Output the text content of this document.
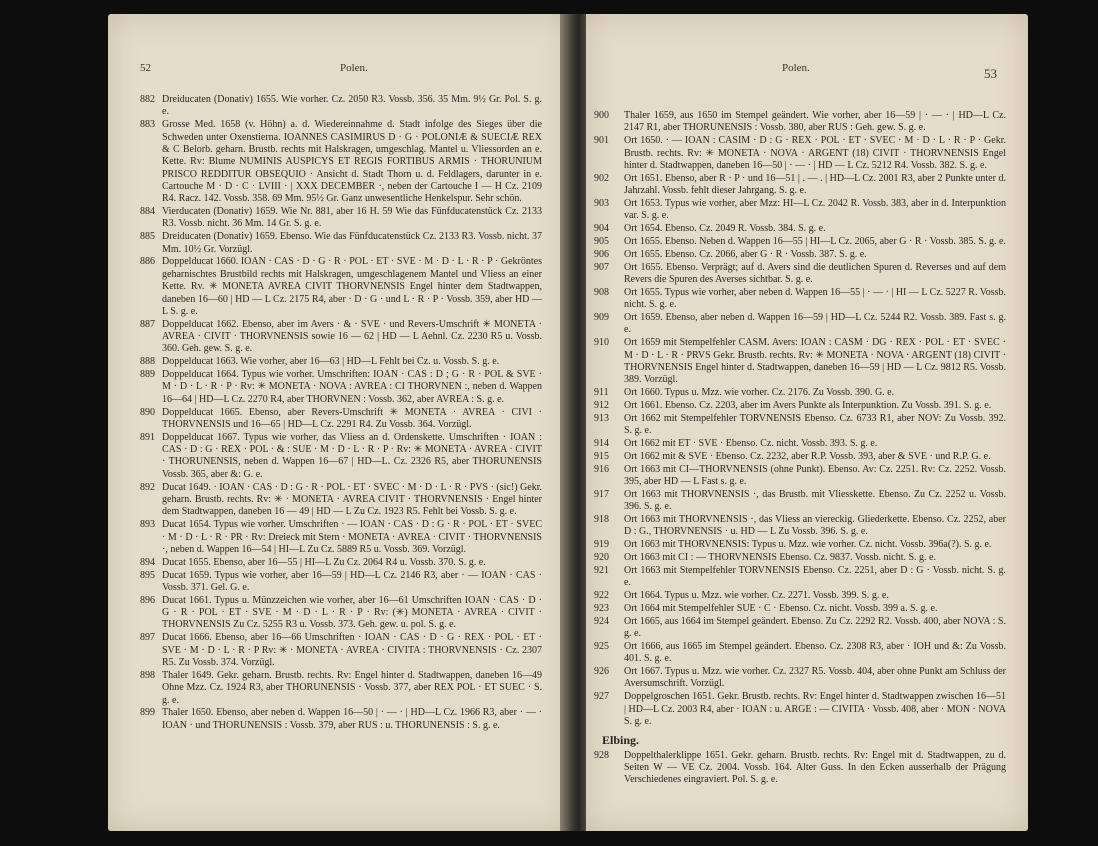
52	Polen.
882 Dreiducaten (Donativ) 1655. Wie vorher. Cz. 2050 R3. Vossb. 356. 35 Mm. 9½ Gr. Pol. S. g. e.
883 Grosse Med. 1658 (v. Höhn) a. d. Wiedereinnahme d. Stadt infolge des Sieges über die Schweden unter Oxenstierna. IOANNES CASIMIRUS D · G · POLONIÆ & SUECIÆ REX & C Belorb. geharn. Brustb. rechts mit Halskragen, umgeschlag. Mantel u. Vliessorden an e. Kette. Rv: Blume NUMINIS AUSPICYS ET REGIS FORTIBUS ARMIS · THORUNIUM PRISCO REDDITUR OBSEQUIO · Ansicht d. Stadt Thorn u. d. Feldlagers, darunter in e. Cartouche M · D · C · LVIII · | XXX DECEMBER ·, neben der Cartouche I — H Cz. 2109 R4. Racz. 142. Vossb. 358. 69 Mm. 95½ Gr. Ganz unwesentliche Henkelspur. Sehr schön.
884 Vierducaten (Donativ) 1659. Wie Nr. 881, aber 16 H. 59 Wie das Fünfducatenstück Cz. 2133 R3. Vossb. nicht. 36 Mm. 14 Gr. S. g. e.
885 Dreiducaten (Donativ) 1659. Ebenso. Wie das Fünfducatenstück Cz. 2133 R3. Vossb. nicht. 37 Mm. 10½ Gr. Vorzügl.
886 Doppelducat 1660. IOAN · CAS · D · G · R · POL · ET · SVE · M · D · L · R · P · Gekröntes geharnischtes Brustbild rechts mit Halskragen, umgeschlagenem Mantel und Vliess an einer Kette. Rv. ✳ MONETA AVREA CIVIT THORVNENSIS Engel hinter dem Stadtwappen, daneben 16—60 | HD — L Cz. 2175 R4, aber · D · G · und L · R · P · Vossb. 359, aber HD — L S. g. e.
887 Doppelducat 1662. Ebenso, aber im Avers · & · SVE · und Revers-Umschrift ✳ MONETA · AVREA · CIVIT · THORVNENSIS sowie 16 — 62 | HD — L Aehnl. Cz. 2230 R5 u. Vossb. 360. Geh. gew. S. g. e.
888 Doppelducat 1663. Wie vorher, aber 16—63 | HD—L Fehlt bei Cz. u. Vossb. S. g. e.
889 Doppelducat 1664. Typus wie vorher. Umschriften: IOAN · CAS : D ; G · R · POL & SVE · M · D · L · R · P · Rv: ✳ MONETA · NOVA : AVREA : CI THORVNEN :, neben d. Wappen 16—64 | HD—L Cz. 2270 R4, aber THORVNEN : Vossb. 362, aber AVREA : S. g. e.
890 Doppelducat 1665. Ebenso, aber Revers-Umschrift ✳ MONETA · AVREA · CIVI · THORVNENSIS und 16—65 | HD—L Cz. 2291 R4. Zu Vossb. 364. Vorzügl.
891 Doppelducat 1667. Typus wie vorher, das Vliess an d. Ordenskette. Umschriften · IOAN : CAS · D : G · REX · POL · & : SUE · M · D · L · R · P · Rv: ✳ MONETA · AVREA · CIVIT · THORUNENSIS, neben d. Wappen 16—67 | HD—L. Cz. 2326 R5, aber THORUNENSIS Vossb. 365, aber &: G. e.
892 Ducat 1649. · IOAN · CAS · D : G · R · POL · ET · SVEC · M · D · L · R · PVS · (sic!) Gekr. geharn. Brustb. rechts. Rv: ✳ · MONETA · AVREA CIVIT · THORVNENSIS · Engel hinter dem Stadtwappen, daneben 16 — 49 | HD — L Zu Cz. 1923 R5. Fehlt bei Vossb. S. g. e.
893 Ducat 1654. Typus wie vorher. Umschriften · — IOAN · CAS · D : G · R · POL · ET · SVEC · M · D · L · R · PR · Rv: Dreieck mit Stern · MONETA · AVREA · CIVIT · THORVNENSIS ·, neben d. Wappen 16—54 | HI—L Zu Cz. 5889 R5 u. Vossb. 369. Vorzügl.
894 Ducat 1655. Ebenso, aber 16—55 | HI—L Zu Cz. 2064 R4 u. Vossb. 370. S. g. e.
895 Ducat 1659. Typus wie vorher, aber 16—59 | HD—L Cz. 2146 R3, aber · — IOAN · CAS · Vossb. 371. Gel. G. e.
896 Ducat 1661. Typus u. Münzzeichen wie vorher, aber 16—61 Umschriften IOAN · CAS · D · G · R · POL · ET · SVE · M · D · L · R · P · Rv: (✳) MONETA · AVREA · CIVIT · THORVNENSIS Zu Cz. 5255 R3 u. Vossb. 373. Geh. gew. u. pol. S. g. e.
897 Ducat 1666. Ebenso, aber 16—66 Umschriften · IOAN · CAS · D · G · REX · POL · ET · SVE · M · D · L · R · P Rv: ✳ · MONETA · AVREA · CIVITA : THORVNENSIS · Cz. 2307 R5. Zu Vossb. 374. Vorzügl.
898 Thaler 1649. Gekr. geharn. Brustb. rechts. Rv: Engel hinter d. Stadtwappen, daneben 16—49 Ohne Mzz. Cz. 1924 R3, aber THORUNENSIS · Vossb. 377, aber REX POL · ET SUEC · S. g. e.
899 Thaler 1650. Ebenso, aber neben d. Wappen 16—50 | · — · | HD—L Cz. 1966 R3, aber · — · IOAN · und THORUNENSIS : Vossb. 379, aber RUS : u. THORUNENSIS : S. g. e.
Polen.	53
900	Thaler 1659, aus 1650 im Stempel geändert. Wie vorher, aber 16—59 | · — · | HD—L Cz. 2147 R1, aber THORUNENSIS : Vossb. 380, aber RUS : Geh. gew. S. g. e.
901	Ort 1650. · — IOAN : CASIM · D : G · REX · POL · ET · SVEC · M · D · L · R · P · Gekr. Brustb. rechts. Rv: ✳ MONETA · NOVA · ARGENT (18) CIVIT · THORVNENSIS Engel hinter d. Stadtwappen, daneben 16—50 | · — · | HD — L Cz. 5212 R4. Vossb. 382. S. g. e.
902	Ort 1651. Ebenso, aber R · P · und 16—51 | . — . | HD—L Cz. 2001 R3, aber 2 Punkte unter d. Jahrzahl. Vossb. fehlt dieser Jahrgang. S. g. e.
903	Ort 1653. Typus wie vorher, aber Mzz: HI—L Cz. 2042 R. Vossb. 383, aber in d. Interpunktion var. S. g. e.
904	Ort 1654. Ebenso. Cz. 2049 R. Vossb. 384. S. g. e.
905	Ort 1655. Ebenso. Neben d. Wappen 16—55 | HI—L Cz. 2065, aber G · R · Vossb. 385. S. g. e.
906	Ort 1655. Ebenso. Cz. 2066, aber G · R · Vossb. 387. S. g. e.
907	Ort 1655. Ebenso. Verprägt; auf d. Avers sind die deutlichen Spuren d. Reverses und auf dem Revers die Spuren des Averses sichtbar. S. g. e.
908	Ort 1655. Typus wie vorher, aber neben d. Wappen 16—55 | · — · | HI — L Cz. 5227 R. Vossb. nicht. S. g. e.
909	Ort 1659. Ebenso, aber neben d. Wappen 16—59 | HD—L Cz. 5244 R2. Vossb. 389. Fast s. g. e.
910	Ort 1659 mit Stempelfehler CASM. Avers: IOAN : CASM · DG · REX · POL · ET · SVEC · M · D · L · R · PRVS Gekr. Brustb. rechts. Rv: ✳ MONETA · NOVA · ARGENT (18) CIVIT · THORVNENSIS Engel hinter d. Stadtwappen, daneben 16—59 | HD — L Cz. 9812 R5. Vossb. 389. Vorzügl.
911	Ort 1660. Typus u. Mzz. wie vorher. Cz. 2176. Zu Vossb. 390. G. e.
912	Ort 1661. Ebenso. Cz. 2203, aber im Avers Punkte als Interpunktion. Zu Vossb. 391. S. g. e.
913	Ort 1662 mit Stempelfehler TORVNENSIS Ebenso. Cz. 6733 R1, aber NOV: Zu Vossb. 392. S. g. e.
914	Ort 1662 mit ET · SVE · Ebenso. Cz. nicht. Vossb. 393. S. g. e.
915	Ort 1662 mit & SVE · Ebenso. Cz. 2232, aber R.P. Vossb. 393, aber & SVE · und R.P. G. e.
916	Ort 1663 mit CI—THORVNENSIS (ohne Punkt). Ebenso. Av: Cz. 2251. Rv: Cz. 2252. Vossb. 395, aber HD — L Fast s. g. e.
917	Ort 1663 mit THORVNENSIS ·, das Brustb. mit Vliesskette. Ebenso. Zu Cz. 2252 u. Vossb. 396. S. g. e.
918	Ort 1663 mit THORVNENSIS ·, das Vliess an viereckig. Gliederkette. Ebenso. Cz. 2252, aber D : G., THORVNENSIS · u. HD — L Zu Vossb. 396. S. g. e.
919	Ort 1663 mit THORVNENSIS: Typus u. Mzz. wie vorher. Cz. nicht. Vossb. 396a(?). S. g. e.
920	Ort 1663 mit CI : — THORVNENSIS Ebenso. Cz. 9837. Vossb. nicht. S. g. e.
921	Ort 1663 mit Stempelfehler TORVNENSIS Ebenso. Cz. 2251, aber D : G · Vossb. nicht. S. g. e.
922	Ort 1664. Typus u. Mzz. wie vorher. Cz. 2271. Vossb. 399. S. g. e.
923	Ort 1664 mit Stempelfehler SUE · C · Ebenso. Cz. nicht. Vossb. 399 a. S. g. e.
924	Ort 1665, aus 1664 im Stempel geändert. Ebenso. Zu Cz. 2292 R2. Vossb. 400, aber NOVA : S. g. e.
925	Ort 1666, aus 1665 im Stempel geändert. Ebenso. Cz. 2308 R3, aber · IOH und &: Zu Vossb. 401. S. g. e.
926	Ort 1667. Typus u. Mzz. wie vorher. Cz. 2327 R5. Vossb. 404, aber ohne Punkt am Schluss der Aversumschrift. Vorzügl.
927	Doppelgroschen 1651. Gekr. Brustb. rechts. Rv: Engel hinter d. Stadtwappen zwischen 16—51 | HD—L Cz. 2003 R4, aber · IOAN : u. ARGE : — CIVITA · Vossb. 408, aber · MON · NOVA S. g. e.
Elbing.
928	Doppelthalerklippe 1651. Gekr. geharn. Brustb. rechts. Rv: Engel mit d. Stadtwappen, zu d. Seiten W — VE Cz. 2004. Vossb. 164. Alter Guss. In den Ecken ausserhalb der Prägung Verschiedenes eingraviert. Pol. S. g. e.
